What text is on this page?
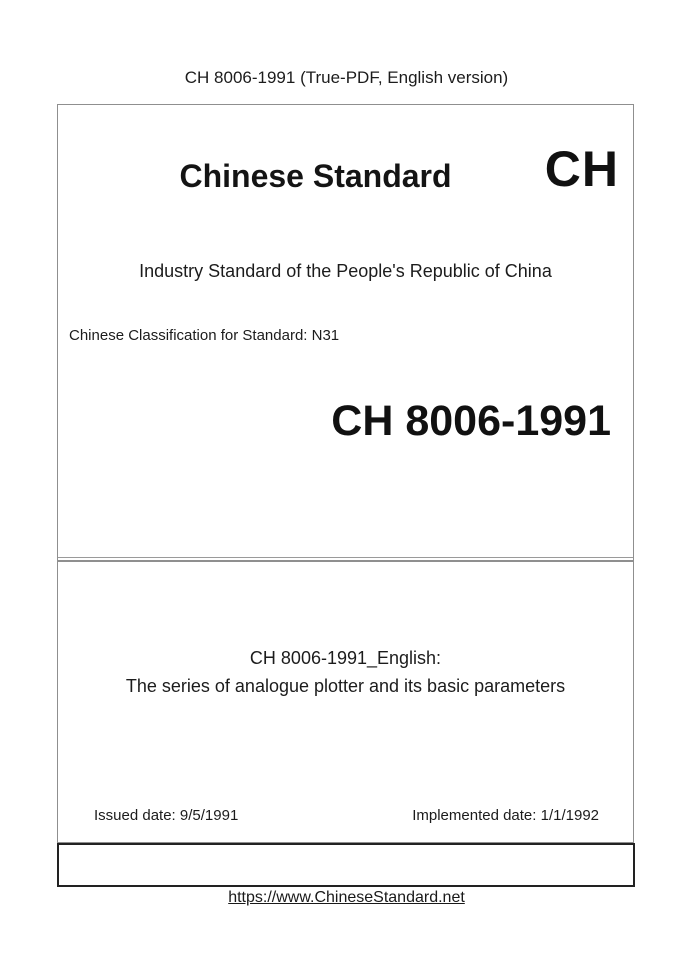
CH 8006-1991 (True-PDF, English version)
Chinese Standard	CH
Industry Standard of the People's Republic of China
Chinese Classification for Standard: N31
CH 8006-1991
CH 8006-1991_English:
The series of analogue plotter and its basic parameters
Issued date: 9/5/1991	Implemented date: 1/1/1992
https://www.ChineseStandard.net
